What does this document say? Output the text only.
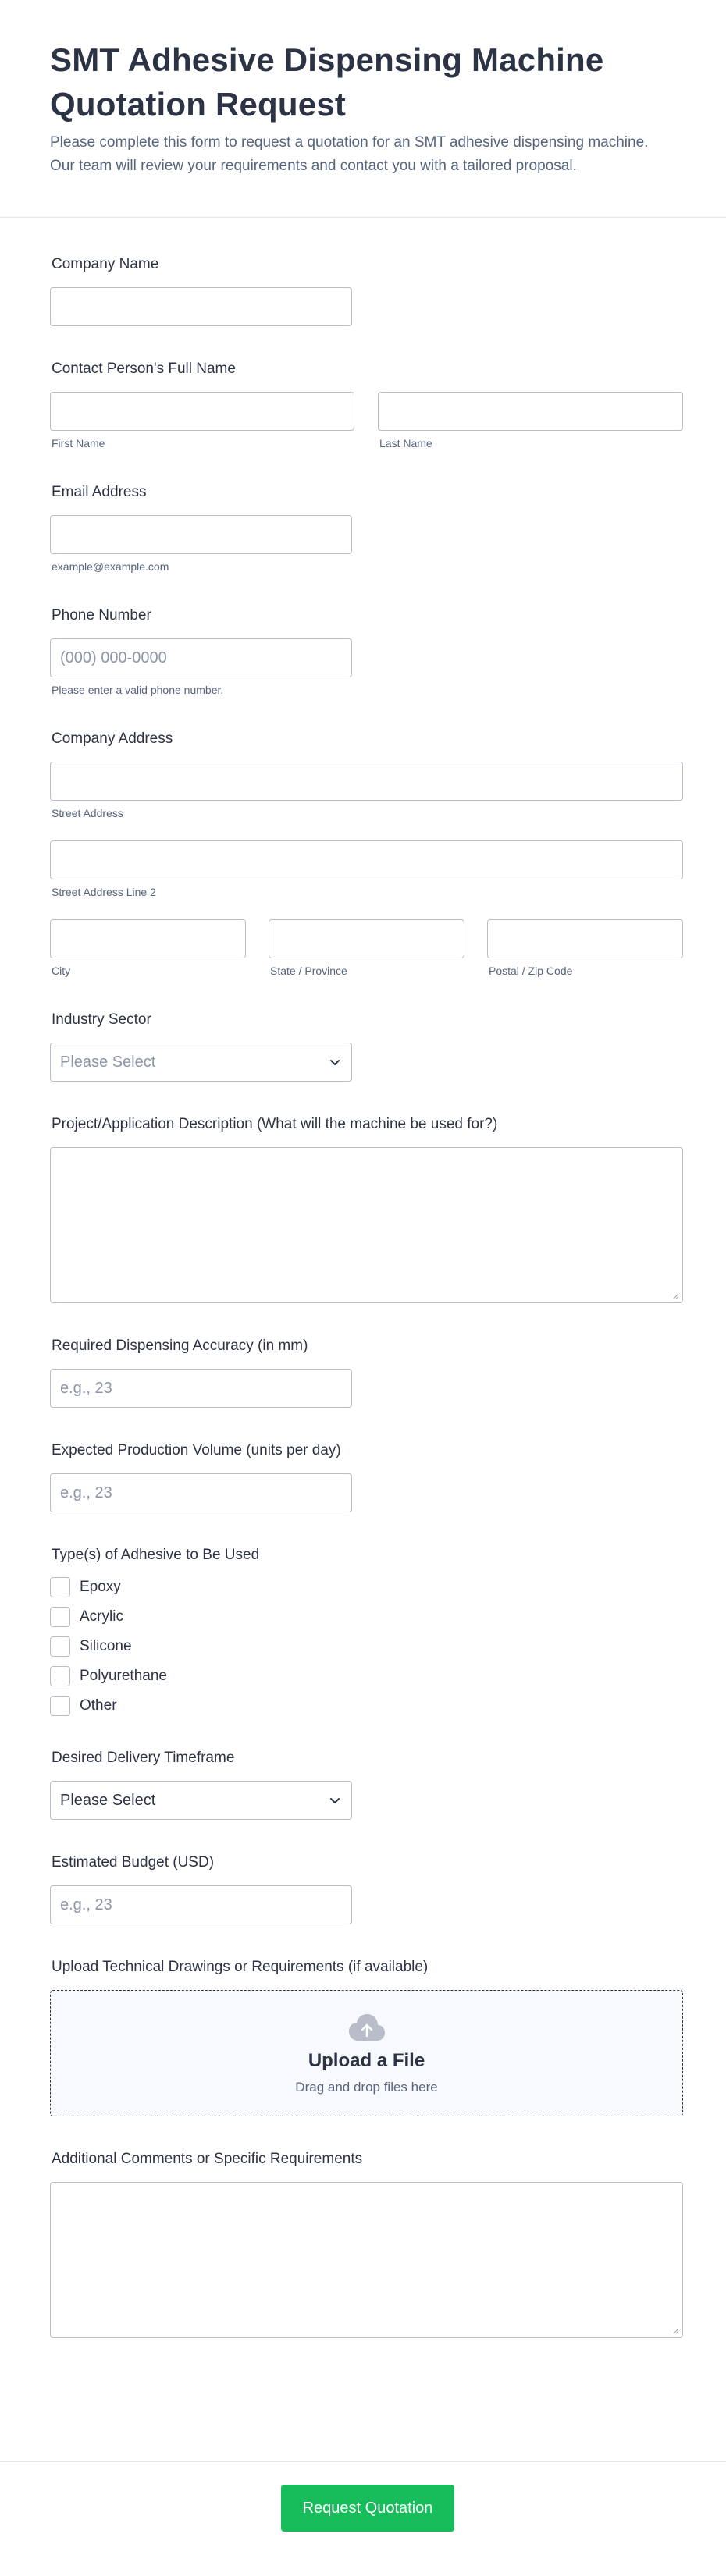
SMT Adhesive Dispensing Machine Quotation Request

Please complete this form to request a quotation for an SMT adhesive dispensing machine. Our team will review your requirements and contact you with a tailored proposal.

Company Name
Contact Person's Full Name
First Name	Last Name
Email Address
example@example.com
Phone Number
(000) 000-0000
Please enter a valid phone number.
Company Address
Street Address
Street Address Line 2
City	State / Province	Postal / Zip Code
Industry Sector
Please Select
Project/Application Description (What will the machine be used for?)
Required Dispensing Accuracy (in mm)
e.g., 23
Expected Production Volume (units per day)
e.g., 23
Type(s) of Adhesive to Be Used
Epoxy
Acrylic
Silicone
Polyurethane
Other
Desired Delivery Timeframe
Please Select
Estimated Budget (USD)
e.g., 23
Upload Technical Drawings or Requirements (if available)
Upload a File
Drag and drop files here
Additional Comments or Specific Requirements
Request Quotation
